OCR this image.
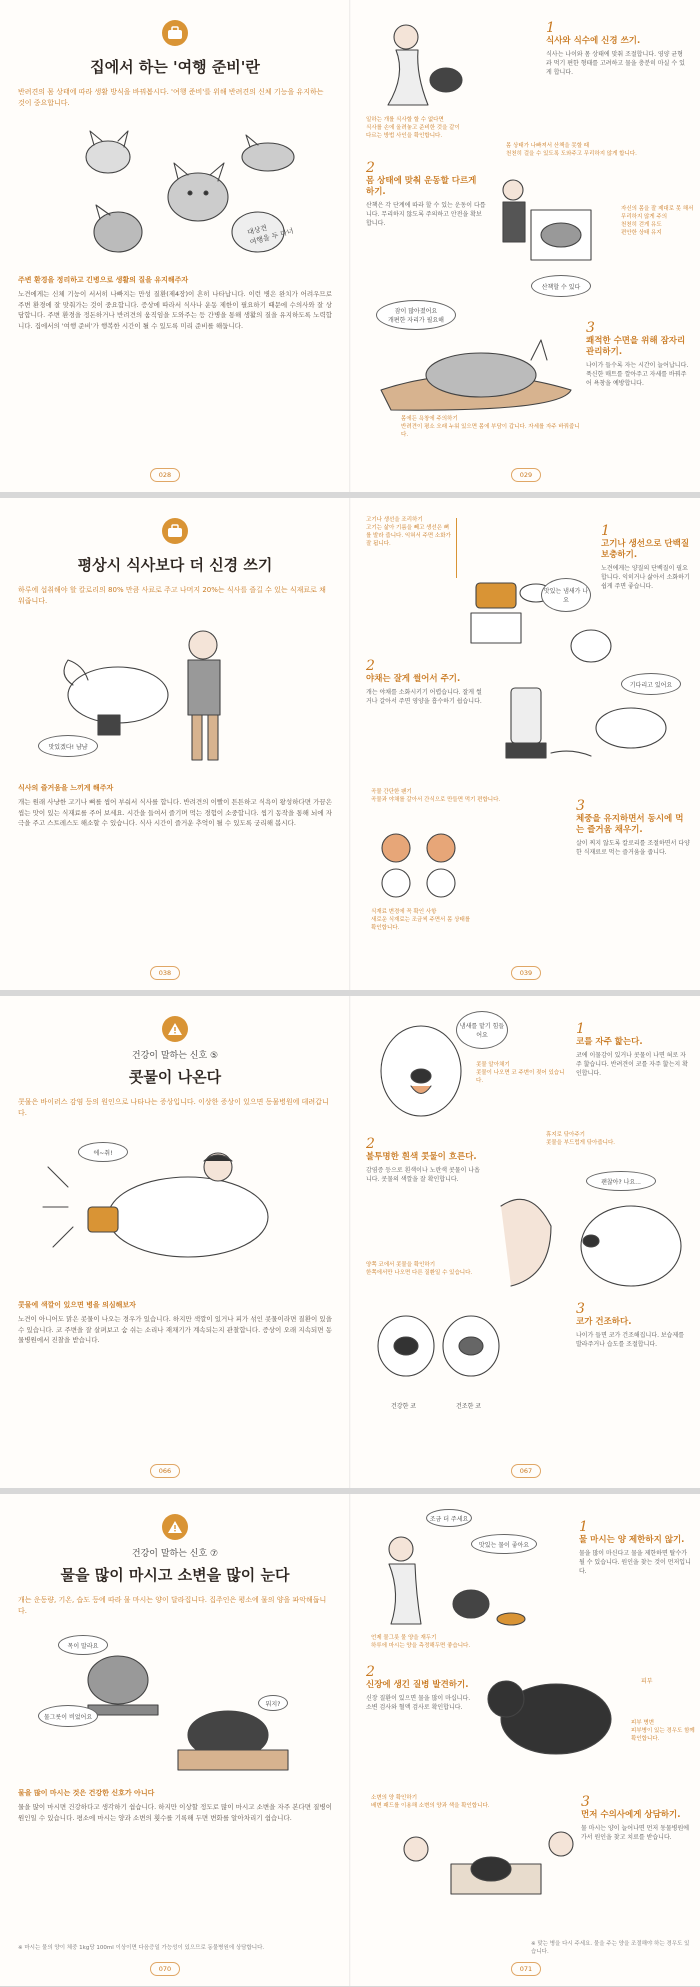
집에서 하는 '여행 준비'란
반려견의 몸 상태에 따라 생활 방식을 바꿔봅시다. '여행 준비'를 위해 반려견의 신체 기능을 유지하는 것이 중요합니다.
대상견
여행을 두 다녀
주변 환경을 정리하고 긴병으로 생활의 질을 유지해주자
노견에게는 신체 기능이 서서히 나빠지는 만성 질환(제4장)이 흔히 나타납니다. 이런 병은 완치가 어려우므로 주변 환경에 잘 맞춰가는 것이 중요합니다. 증상에 따라서 식사나 운동 제한이 필요하기 때문에 수의사와 잘 상담합니다. 주변 환경을 정돈하거나 반려견의 움직임을 도와주는 등 간병을 통해 생활의 질을 유지하도록 노력합니다. 집에서의 '여행 준비'가 행복한 시간이 될 수 있도록 미리 준비를 해둡니다.
028
일하는 개를 식사할 할 수 없다면
식사를 손에 올려놓고 준비한 것을 같이
다르는 방법 사인을 확인합니다.
1
식사와 식수에 신경 쓰기.
식사는 나이와 몸 상태에 맞춰 조절합니다. 영양 균형과 먹기 편한 형태를 고려하고 물을 충분히 마실 수 있게 합니다.
2
몸 상태에 맞춰 운동할 다르게 하기.
산책은 각 단계에 따라 할 수 있는 운동이 다릅니다. 무리하지 않도록 주의하고 안전을 확보합니다.
몸 상태가 나빠져서 산책을 못할 때
천천히 걸을 수 있도록 도와주고 무리하지 않게 합니다.
자신의 몸을 잘 제대로 못 해서
무리하지 않게 주의
천천히 걷게 유도
편안한 상태 유지
산책할 수 있다
잠이 많아졌어요
개편한 자리가 필요해
몸에든 욕창에 주의하기
반려견이 평소 오래 누워 있으면 몸에 부담이 갑니다. 자세를 자주 바꿔줍니다.
3
쾌적한 수면을 위해 잠자리 관리하기.
나이가 들수록 자는 시간이 늘어납니다. 푹신한 매트를 깔아주고 자세를 바꿔주어 욕창을 예방합니다.
029
평상시 식사보다 더 신경 쓰기
하루에 섭취해야 할 칼로리의 80% 만큼 사료로 주고 나머지 20%는 식사를 즐길 수 있는 식재료로 채워줍니다.
맛있겠다! 냠냠
식사의 즐거움을 느끼게 해주자
개는 원래 사냥한 고기나 뼈를 씹어 부숴서 식사를 합니다. 반려견의 이빨이 튼튼하고 식욕이 왕성하다면 가끔은 씹는 맛이 있는 식재료를 주어 보세요. 시간을 들여서 즐기며 먹는 경험이 소중합니다. 씹기 동작을 통해 뇌에 자극을 주고 스트레스도 해소할 수 있습니다. 식사 시간이 즐거운 추억이 될 수 있도록 궁리해 봅시다.
038
고기나 생선을 조리하기
고기는 삶아 기름을 빼고 생선은 뼈를 발라 줍니다. 익혀서 주면 소화가 잘 됩니다.
맛있는 냄새가 나요
1
고기나 생선으로 단백질 보충하기.
노견에게는 양질의 단백질이 필요합니다. 익히거나 삶아서 소화하기 쉽게 주면 좋습니다.
2
야채는 잘게 썰어서 주기.
개는 야채를 소화시키기 어렵습니다. 잘게 썰거나 갈아서 주면 영양을 흡수하기 쉽습니다.
기다리고 있어요
곡물 간단한 팬기
곡물과 야채를 갈아서 간식으로 만들면 먹기 편합니다.
식재료 변경에 꼭 확인 사항
새로운 식재료는 조금씩 주면서 몸 상태를 확인합니다.
3
체중을 유지하면서 동시에 먹는 즐거움 채우기.
살이 찌지 않도록 칼로리를 조절하면서 다양한 식재료로 먹는 즐거움을 줍니다.
039
건강이 말하는 신호 ⑤
콧물이 나온다
콧물은 바이러스 감염 등의 원인으로 나타나는 증상입니다. 이상한 증상이 있으면 동물병원에 데려갑니다.
에~취!
콧물에 색깔이 있으면 병을 의심해보자
노견이 아니어도 맑은 콧물이 나오는 경우가 있습니다. 하지만 색깔이 있거나 피가 섞인 콧물이라면 질환이 있을 수 있습니다. 코 주변을 잘 살펴보고 숨 쉬는 소리나 재채기가 계속되는지 관찰합니다. 증상이 오래 지속되면 동물병원에서 진찰을 받습니다.
066
냄새를 맡기 힘들어요
콧물 알아채기
콧물이 나오면 코 주변이 젖어 있습니다.
1
코를 자주 핥는다.
코에 이물감이 있거나 콧물이 나면 혀로 자주 핥습니다. 반려견이 코를 자주 핥는지 확인합니다.
2
불투명한 흰색 콧물이 흐른다.
감염증 등으로 흰색이나 노란색 콧물이 나옵니다. 콧물의 색깔을 잘 확인합니다.
휴지로 닦아주기
콧물을 부드럽게 닦아줍니다.
괜찮아? 나요...
양쪽 코에서 콧물을 확인하기
한쪽에서만 나오면 다른 질환일 수 있습니다.
건강한 코	건조한 코
3
코가 건조하다.
나이가 들면 코가 건조해집니다. 보습제를 발라주거나 습도를 조절합니다.
067
건강이 말하는 신호 ⑦
물을 많이 마시고 소변을 많이 눈다
개는 운동량, 기온, 습도 등에 따라 물 마시는 양이 달라집니다. 집주인은 평소에 물의 양을 파악해둡니다.
목이 말라요
물그릇이 비었어요
뭐지?
물을 많이 마시는 것은 건강한 신호가 아니다
물을 많이 마시면 건강하다고 생각하기 쉽습니다. 하지만 이상할 정도로 많이 마시고 소변을 자주 본다면 질병이 원인일 수 있습니다. 평소에 마시는 양과 소변의 횟수를 기록해 두면 변화를 알아차리기 쉽습니다.
※ 마시는 물의 양이 체중 1kg당 100ml 이상이면 다음증일 가능성이 있으므로 동물병원에 상담합니다.
070
조금 더 주세요
맛있는 물이 좋아요
언제 물그릇 물 양을 재두기
하루에 마시는 양을 측정해두면 좋습니다.
1
물 마시는 양 제한하지 않기.
물을 많이 마신다고 물을 제한하면 탈수가 될 수 있습니다. 원인을 찾는 것이 먼저입니다.
2
신장에 생긴 질병 발견하기.
신장 질환이 있으면 물을 많이 마십니다. 소변 검사와 혈액 검사로 확인합니다.
피부
피부 병변
피부병이 있는 경우도 함께 확인합니다.
소변의 양 확인하기
배변 패드를 이용해 소변의 양과 색을 확인합니다.	3
먼저 수의사에게 상담하기.
물 마시는 양이 늘어나면 먼저 동물병원에 가서 원인을 찾고 치료를 받습니다.
※ 맞는 병을 다시 주세요. 물을 주는 양을 조절해야 하는 경우도 있습니다.
071
